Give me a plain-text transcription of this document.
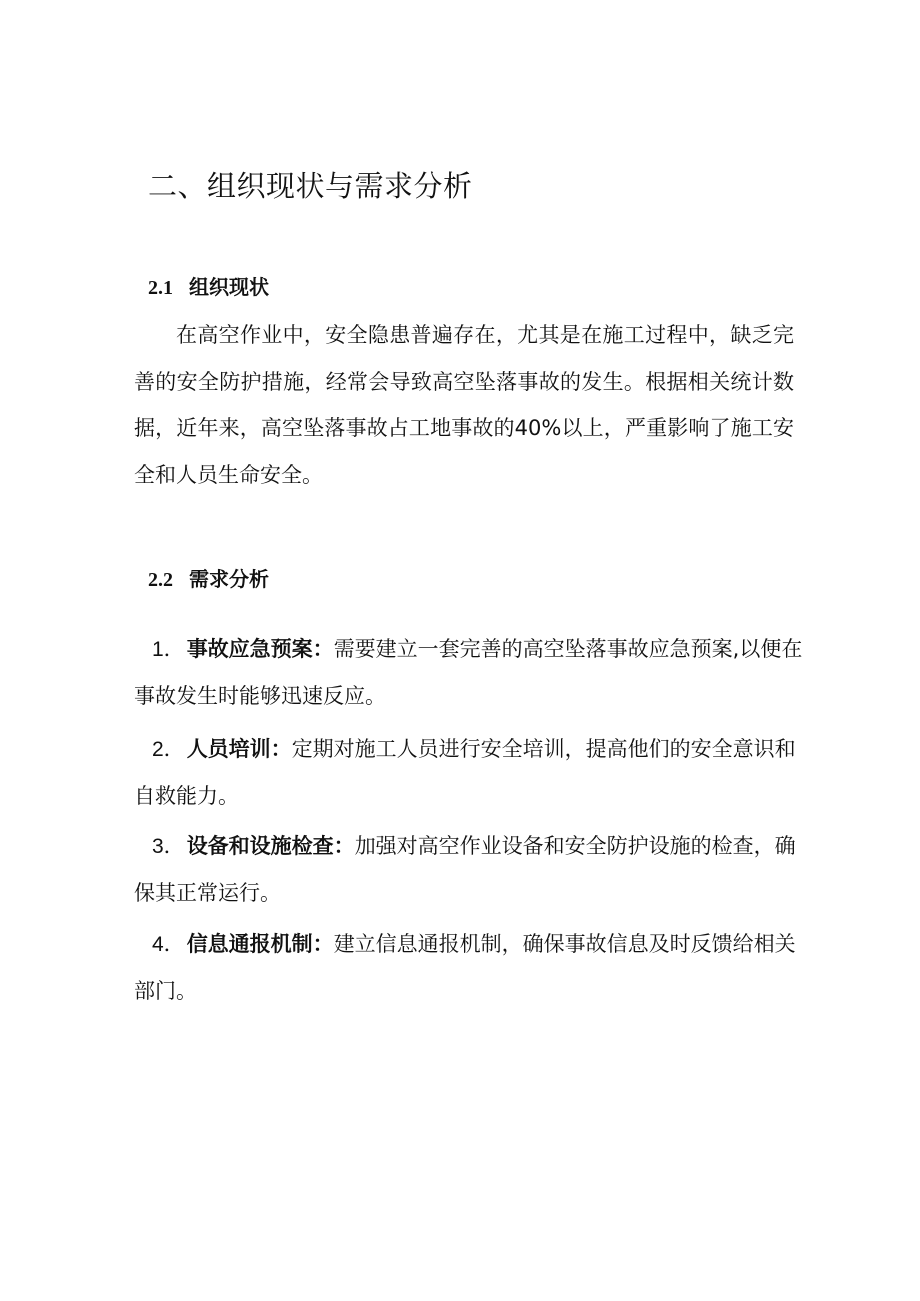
二、组织现状与需求分析
2.1 组织现状

在高空作业中，安全隐患普遍存在，尤其是在施工过程中，缺乏完善的安全防护措施，经常会导致高空坠落事故的发生。根据相关统计数据，近年来，高空坠落事故占工地事故的40%以上，严重影响了施工安全和人员生命安全。

2.2 需求分析

1．事故应急预案：需要建立一套完善的高空坠落事故应急预案,以便在事故发生时能够迅速反应。

2．人员培训：定期对施工人员进行安全培训，提高他们的安全意识和自救能力。

3．设备和设施检查：加强对高空作业设备和安全防护设施的检查，确保其正常运行。

4．信息通报机制：建立信息通报机制，确保事故信息及时反馈给相关部门。
